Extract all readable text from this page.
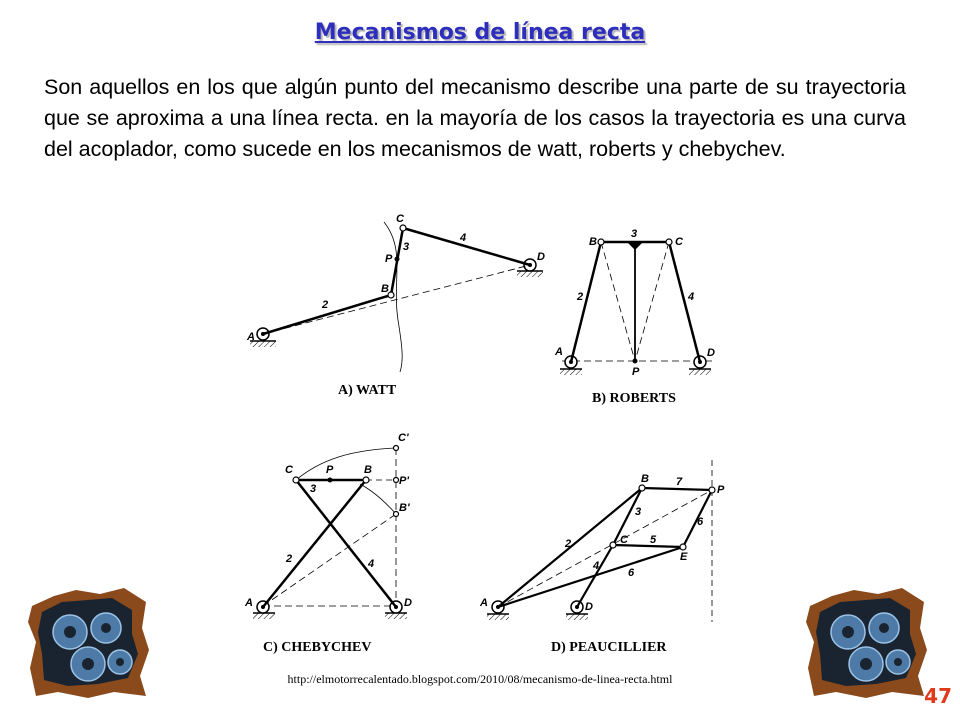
Mecanismos de línea recta
Son aquellos en los que algún punto del mecanismo describe una parte de su trayectoria que se aproxima a una línea recta. en la mayoría de los casos la trayectoria es una curva del acoplador, como sucede en los mecanismos de watt, roberts y chebychev.
C
3
P
B
2
4
D
A
B
3
C
2	4
A
P
D
C	P	B
3
C'
P'
B'
2	4
A	D
B 7
P
3
6
2	C 5
E
4
6
A	D
A) WATT
B) ROBERTS
C) CHEBYCHEV	D) PEAUCILLIER
http://elmotorrecalentado.blogspot.com/2010/08/mecanismo-de-linea-recta.html
47
